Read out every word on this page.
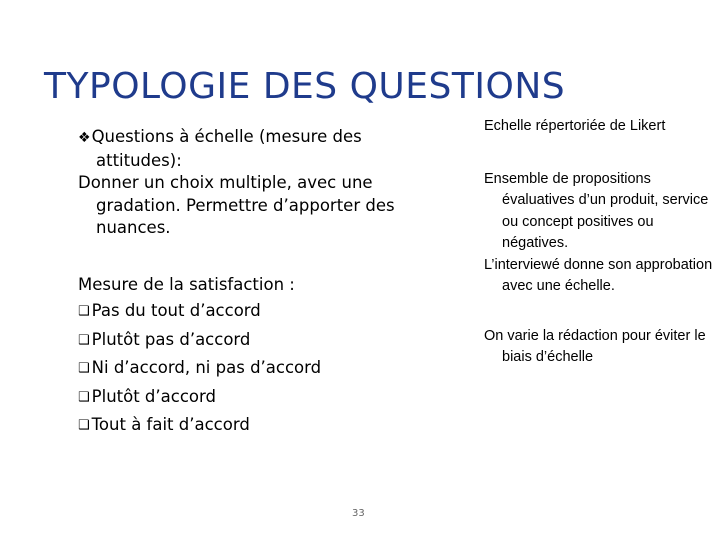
TYPOLOGIE DES QUESTIONS

❖Questions à échelle (mesure des attitudes):

Donner un choix multiple, avec une gradation. Permettre d’apporter des nuances.

Mesure de la satisfaction :

❑ Pas du tout d’accord

❑ Plutôt pas d’accord

❑ Ni d’accord, ni pas d’accord

❑ Plutôt d’accord

❑ Tout à fait d’accord

Echelle répertoriée de Likert

Ensemble de propositions évaluatives d’un produit, service ou concept positives ou négatives.

L’interviewé donne son approbation avec une échelle.

On varie la rédaction pour éviter le biais d’échelle

33
